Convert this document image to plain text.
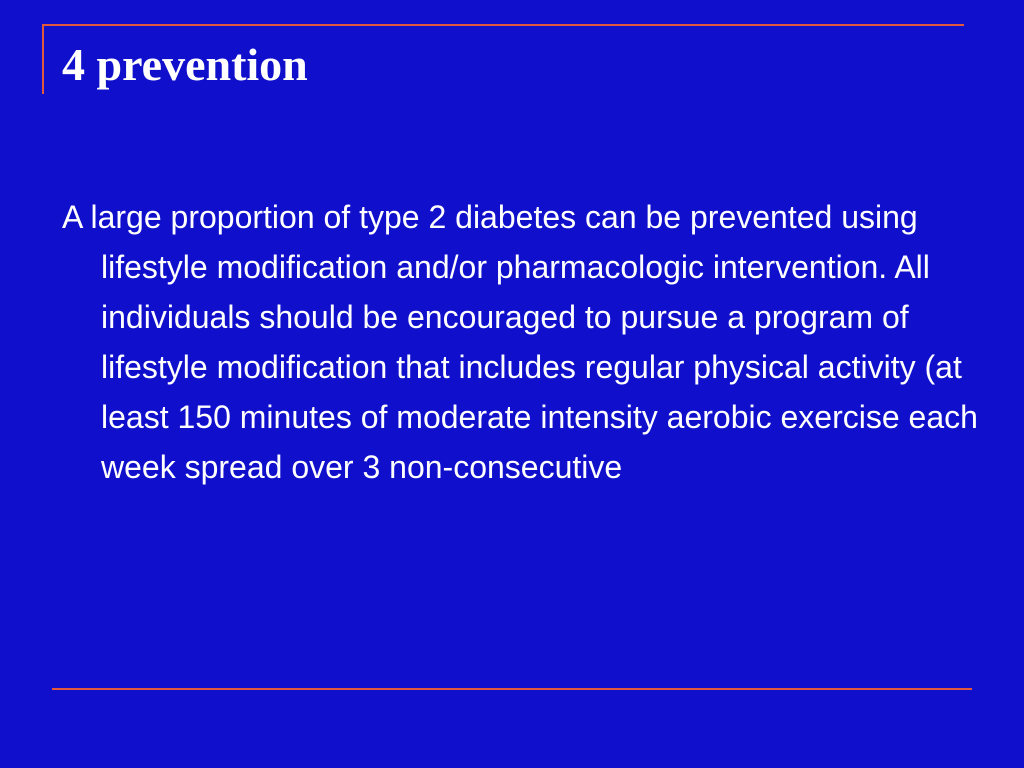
4 prevention

A large proportion of type 2 diabetes can be prevented using lifestyle modification and/or pharmacologic intervention. All individuals should be encouraged to pursue a program of lifestyle modification that includes regular physical activity (at least 150 minutes of moderate intensity aerobic exercise each week spread over 3 non-consecutive
